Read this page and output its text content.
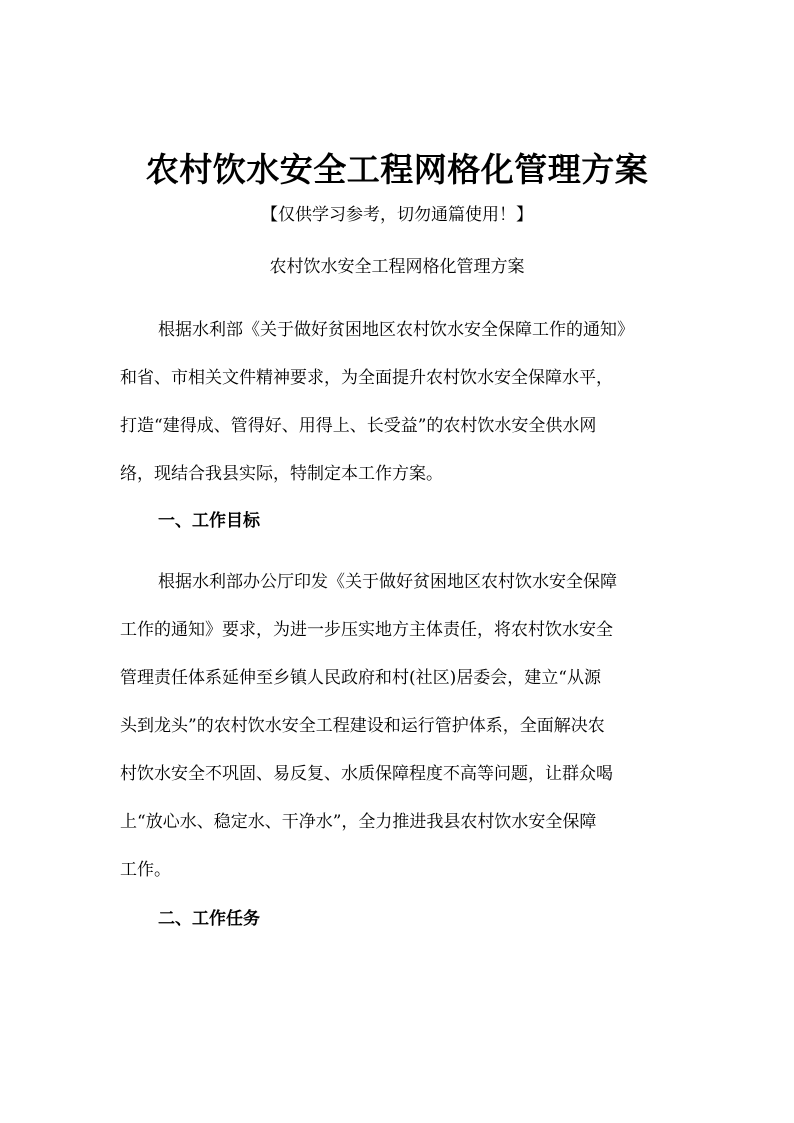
农村饮水安全工程网格化管理方案
【仅供学习参考，切勿通篇使用！】
农村饮水安全工程网格化管理方案
根据水利部《关于做好贫困地区农村饮水安全保障工作的通知》
和省、市相关文件精神要求，为全面提升农村饮水安全保障水平，
打造“建得成、管得好、用得上、长受益”的农村饮水安全供水网
络，现结合我县实际，特制定本工作方案。
一、工作目标
根据水利部办公厅印发《关于做好贫困地区农村饮水安全保障
工作的通知》要求，为进一步压实地方主体责任，将农村饮水安全
管理责任体系延伸至乡镇人民政府和村(社区)居委会，建立“从源
头到龙头”的农村饮水安全工程建设和运行管护体系，全面解决农
村饮水安全不巩固、易反复、水质保障程度不高等问题，让群众喝
上“放心水、稳定水、干净水”，全力推进我县农村饮水安全保障
工作。
二、工作任务
